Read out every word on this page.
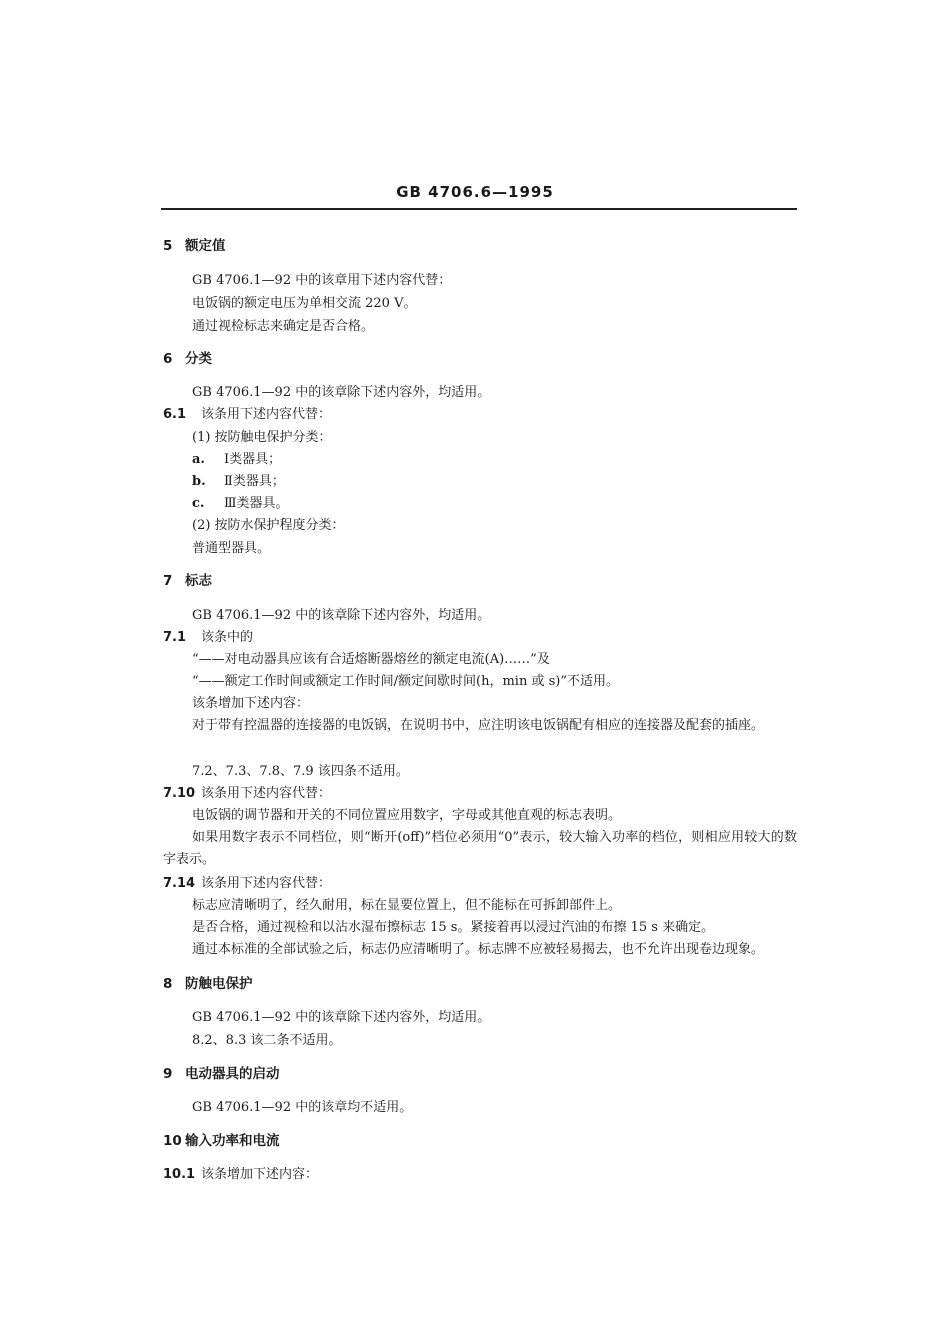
GB 4706.6—1995
5 额定值
GB 4706.1—92 中的该章用下述内容代替：
电饭锅的额定电压为单相交流 220 V。
通过视检标志来确定是否合格。
6 分类
GB 4706.1—92 中的该章除下述内容外，均适用。
6.1 该条用下述内容代替：
(1) 按防触电保护分类：
a. Ⅰ类器具；
b. Ⅱ类器具；
c. Ⅲ类器具。
(2) 按防水保护程度分类：
普通型器具。
7 标志
GB 4706.1—92 中的该章除下述内容外，均适用。
7.1 该条中的
“——对电动器具应该有合适熔断器熔丝的额定电流(A)……”及
“——额定工作时间或额定工作时间/额定间歇时间(h，min 或 s)”不适用。
该条增加下述内容：
对于带有控温器的连接器的电饭锅，在说明书中，应注明该电饭锅配有相应的连接器及配套的插座。
7.2、7.3、7.8、7.9 该四条不适用。
7.10 该条用下述内容代替：
电饭锅的调节器和开关的不同位置应用数字，字母或其他直观的标志表明。
如果用数字表示不同档位，则“断开(off)”档位必须用“0”表示，较大输入功率的档位，则相应用较大的数字表示。
7.14 该条用下述内容代替：
标志应清晰明了，经久耐用，标在显要位置上，但不能标在可拆卸部件上。
是否合格，通过视检和以沾水湿布擦标志 15 s。紧接着再以浸过汽油的布擦 15 s 来确定。
通过本标准的全部试验之后，标志仍应清晰明了。标志牌不应被轻易揭去，也不允许出现卷边现象。
8 防触电保护
GB 4706.1—92 中的该章除下述内容外，均适用。
8.2、8.3 该二条不适用。
9 电动器具的启动
GB 4706.1—92 中的该章均不适用。
10 输入功率和电流
10.1 该条增加下述内容：
